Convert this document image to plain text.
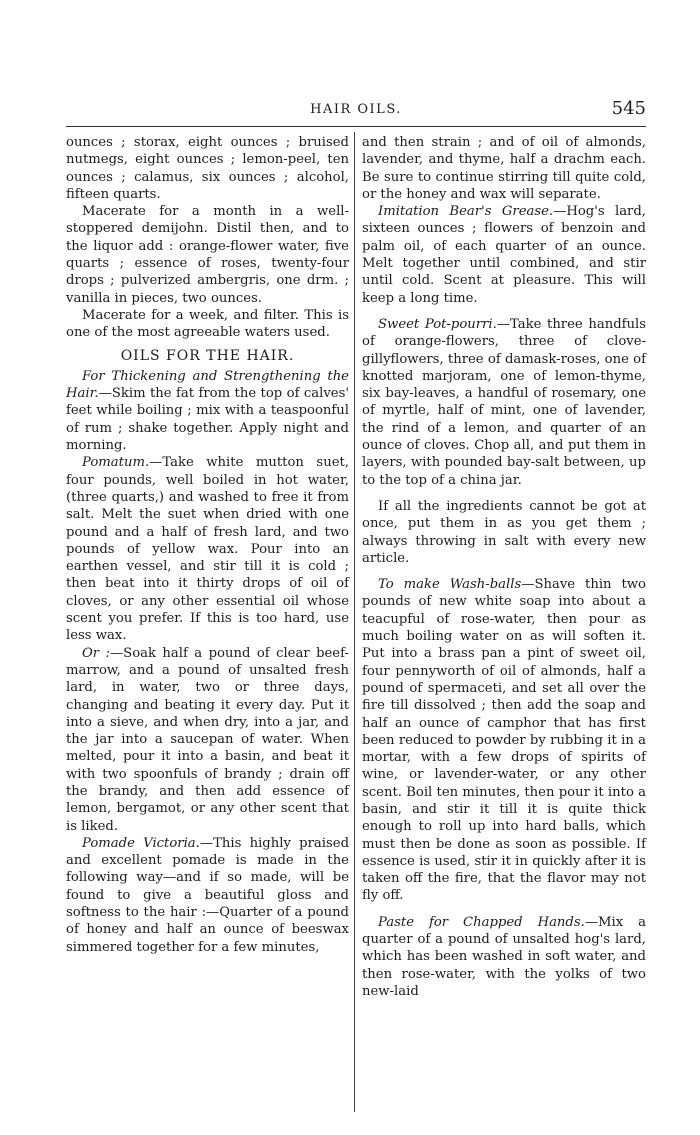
HAIR OILS.	545

ounces ; storax, eight ounces ; bruised nutmegs, eight ounces ; lemon-peel, ten ounces ; calamus, six ounces ; alcohol, fifteen quarts.

Macerate for a month in a well-stoppered demijohn. Distil then, and to the liquor add : orange-flower water, five quarts ; essence of roses, twenty-four drops ; pulverized ambergris, one drm. ; vanilla in pieces, two ounces.

Macerate for a week, and filter. This is one of the most agreeable waters used.

OILS FOR THE HAIR.

For Thickening and Strengthening the Hair.—Skim the fat from the top of calves' feet while boiling ; mix with a teaspoonful of rum ; shake together. Apply night and morning.

Pomatum.—Take white mutton suet, four pounds, well boiled in hot water, (three quarts,) and washed to free it from salt. Melt the suet when dried with one pound and a half of fresh lard, and two pounds of yellow wax. Pour into an earthen vessel, and stir till it is cold ; then beat into it thirty drops of oil of cloves, or any other essential oil whose scent you prefer. If this is too hard, use less wax.

Or :—Soak half a pound of clear beef-marrow, and a pound of unsalted fresh lard, in water, two or three days, changing and beating it every day. Put it into a sieve, and when dry, into a jar, and the jar into a saucepan of water. When melted, pour it into a basin, and beat it with two spoonfuls of brandy ; drain off the brandy, and then add essence of lemon, bergamot, or any other scent that is liked.

Pomade Victoria.—This highly praised and excellent pomade is made in the following way—and if so made, will be found to give a beautiful gloss and softness to the hair :—Quarter of a pound of honey and half an ounce of beeswax simmered together for a few minutes,

and then strain ; and of oil of almonds, lavender, and thyme, half a drachm each. Be sure to continue stirring till quite cold, or the honey and wax will separate.

Imitation Bear's Grease.—Hog's lard, sixteen ounces ; flowers of benzoin and palm oil, of each quarter of an ounce. Melt together until combined, and stir until cold. Scent at pleasure. This will keep a long time.

Sweet Pot-pourri.—Take three handfuls of orange-flowers, three of clove-gillyflowers, three of damask-roses, one of knotted marjoram, one of lemon-thyme, six bay-leaves, a handful of rosemary, one of myrtle, half of mint, one of lavender, the rind of a lemon, and quarter of an ounce of cloves. Chop all, and put them in layers, with pounded bay-salt between, up to the top of a china jar.

If all the ingredients cannot be got at once, put them in as you get them ; always throwing in salt with every new article.

To make Wash-balls—Shave thin two pounds of new white soap into about a teacupful of rose-water, then pour as much boiling water on as will soften it. Put into a brass pan a pint of sweet oil, four pennyworth of oil of almonds, half a pound of spermaceti, and set all over the fire till dissolved ; then add the soap and half an ounce of camphor that has first been reduced to powder by rubbing it in a mortar, with a few drops of spirits of wine, or lavender-water, or any other scent. Boil ten minutes, then pour it into a basin, and stir it till it is quite thick enough to roll up into hard balls, which must then be done as soon as possible. If essence is used, stir it in quickly after it is taken off the fire, that the flavor may not fly off.

Paste for Chapped Hands.—Mix a quarter of a pound of unsalted hog's lard, which has been washed in soft water, and then rose-water, with the yolks of two new-laid
